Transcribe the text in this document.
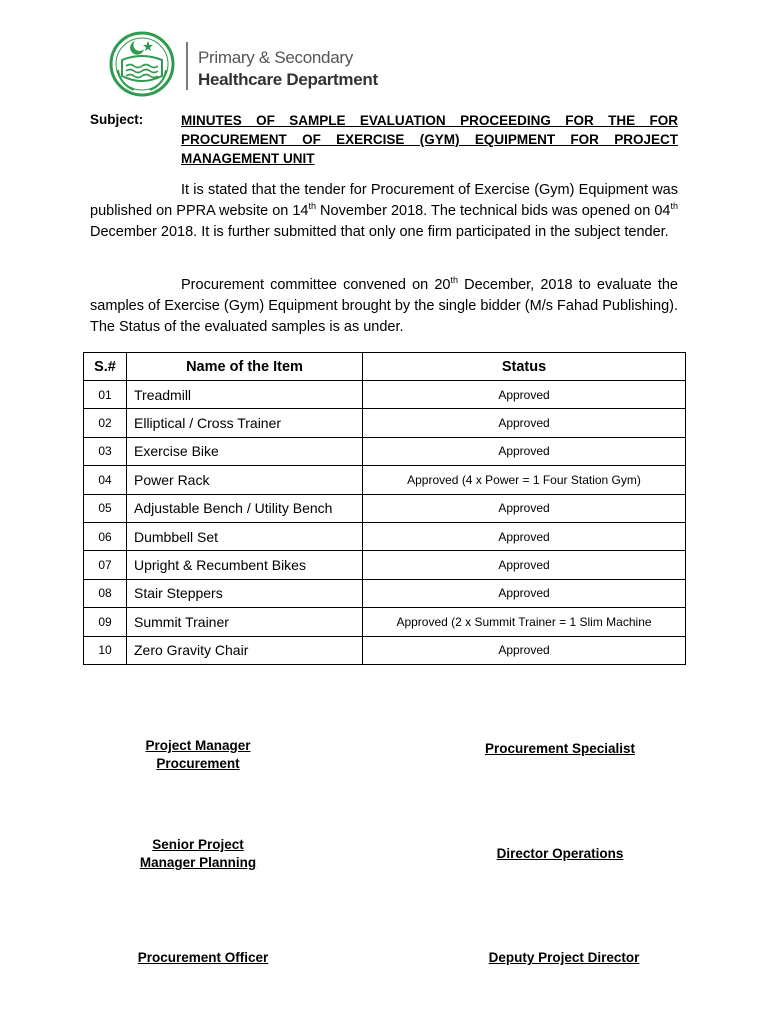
Primary & Secondary
Healthcare Department
Subject:	MINUTES OF SAMPLE EVALUATION PROCEEDING FOR THE FOR PROCUREMENT OF EXERCISE (GYM) EQUIPMENT FOR PROJECT MANAGEMENT UNIT

It is stated that the tender for Procurement of Exercise (Gym) Equipment was published on PPRA website on 14th November 2018. The technical bids was opened on 04th December 2018. It is further submitted that only one firm participated in the subject tender.

Procurement committee convened on 20th December, 2018 to evaluate the samples of Exercise (Gym) Equipment brought by the single bidder (M/s Fahad Publishing). The Status of the evaluated samples is as under.

S.#	Name of the Item	Status
01	Treadmill	Approved
02	Elliptical / Cross Trainer	Approved
03	Exercise Bike	Approved
04	Power Rack	Approved (4 x Power = 1 Four Station Gym)
05	Adjustable Bench / Utility Bench	Approved
06	Dumbbell Set	Approved
07	Upright & Recumbent Bikes	Approved
08	Stair Steppers	Approved
09	Summit Trainer	Approved (2 x Summit Trainer = 1 Slim Machine
10	Zero Gravity Chair	Approved
Project Manager
Procurement
Procurement Specialist
Senior Project
Manager Planning
Director Operations
Procurement Officer	Deputy Project Director
